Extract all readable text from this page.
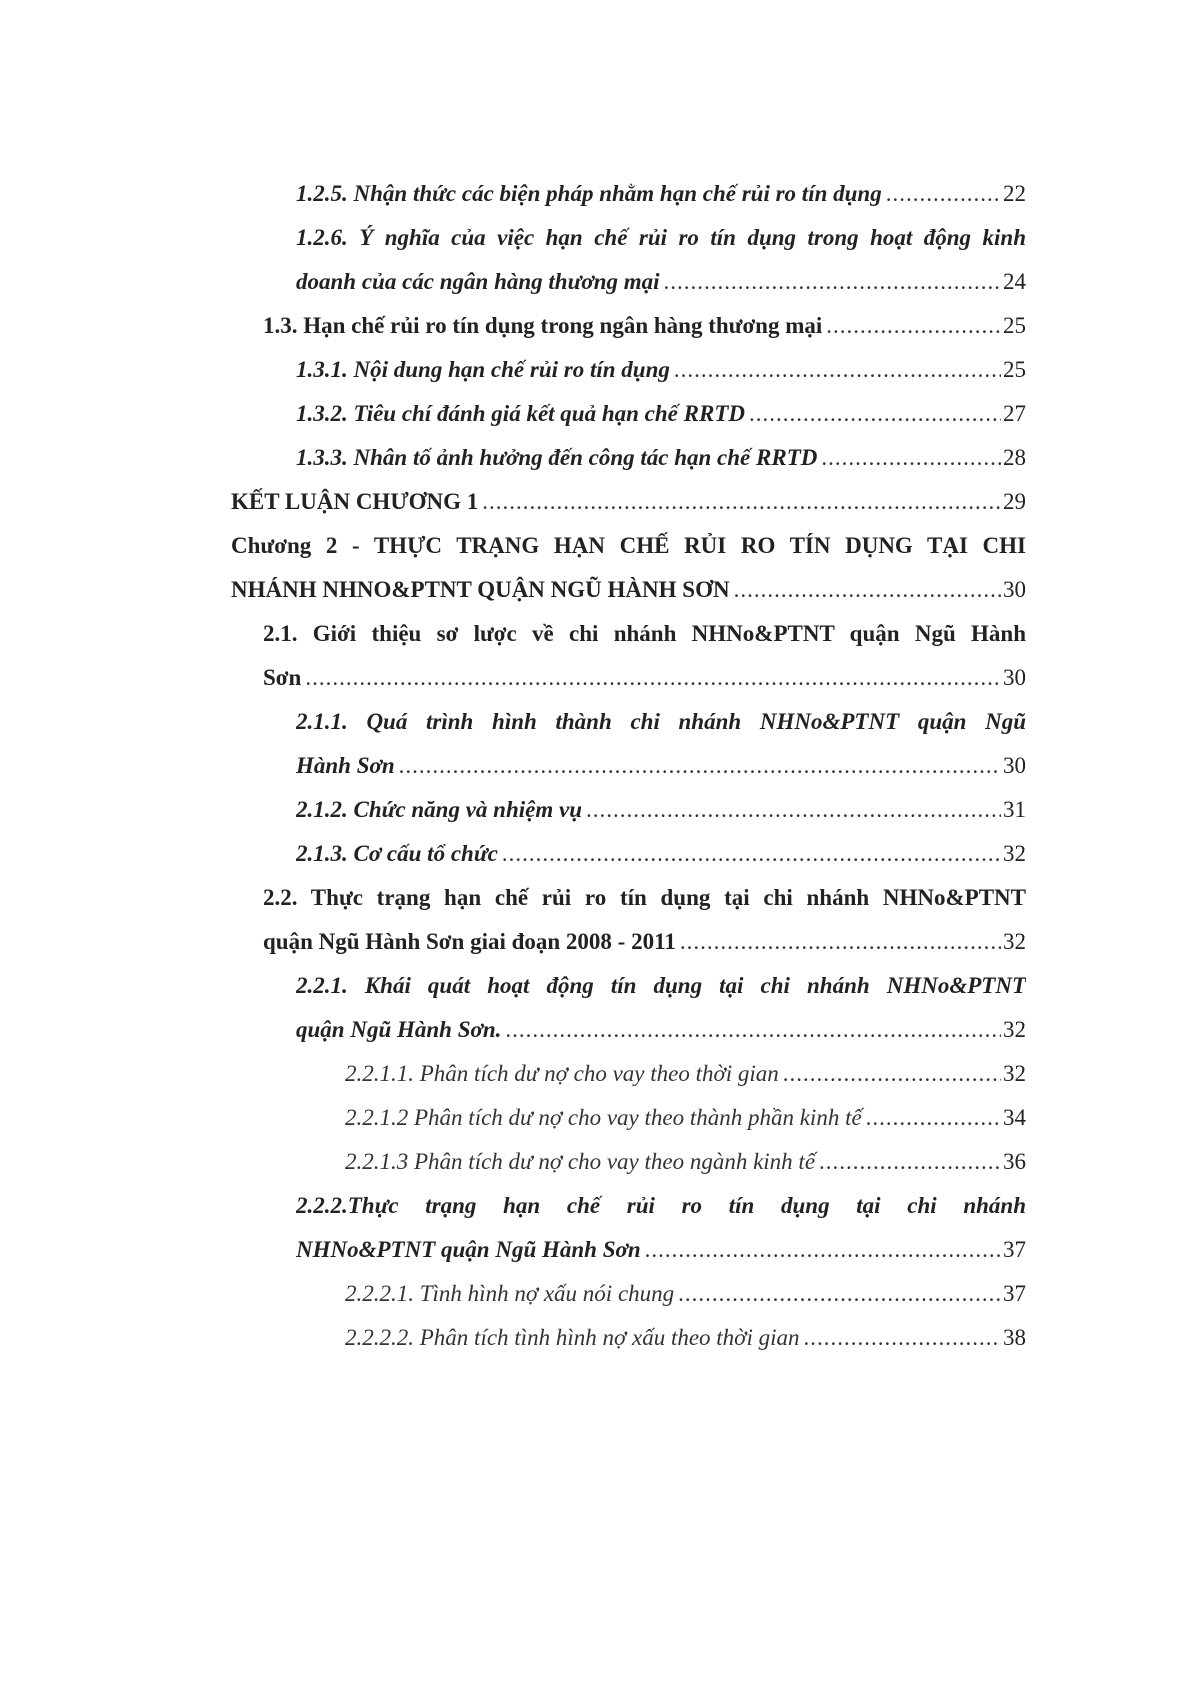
1.2.5. Nhận thức các biện pháp nhằm hạn chế rủi ro tín dụng .....	22
1.2.6. Ý nghĩa của việc hạn chế rủi ro tín dụng trong hoạt động kinh
doanh của các ngân hàng thương mại .....	24
1.3. Hạn chế rủi ro tín dụng trong ngân hàng thương mại .....	25
1.3.1. Nội dung hạn chế rủi ro tín dụng .....	25
1.3.2. Tiêu chí đánh giá kết quả hạn chế RRTD .....	27
1.3.3. Nhân tố ảnh hưởng đến công tác hạn chế RRTD .....	28
KẾT LUẬN CHƯƠNG 1 .....	29
Chương 2 - THỰC TRẠNG HẠN CHẾ RỦI RO TÍN DỤNG TẠI CHI
NHÁNH NHNO&PTNT QUẬN NGŨ HÀNH SƠN .....	30
2.1. Giới thiệu sơ lược về chi nhánh NHNo&PTNT quận Ngũ Hành
Sơn .....	30
2.1.1. Quá trình hình thành chi nhánh NHNo&PTNT quận Ngũ
Hành Sơn .....	30
2.1.2. Chức năng và nhiệm vụ .....	31
2.1.3. Cơ cấu tổ chức .....	32
2.2. Thực trạng hạn chế rủi ro tín dụng tại chi nhánh NHNo&PTNT
quận Ngũ Hành Sơn giai đoạn 2008 - 2011 .....	32
2.2.1. Khái quát hoạt động tín dụng tại chi nhánh NHNo&PTNT
quận Ngũ Hành Sơn. .....	32
2.2.1.1. Phân tích dư nợ cho vay theo thời gian .....	32
2.2.1.2 Phân tích dư nợ cho vay theo thành phần kinh tế .....	34
2.2.1.3 Phân tích dư nợ cho vay theo ngành kinh tế .....	36
2.2.2.Thực trạng hạn chế rủi ro tín dụng tại chi nhánh
NHNo&PTNT quận Ngũ Hành Sơn .....	37
2.2.2.1. Tình hình nợ xấu nói chung .....	37
2.2.2.2. Phân tích tình hình nợ xấu theo thời gian .....	38
